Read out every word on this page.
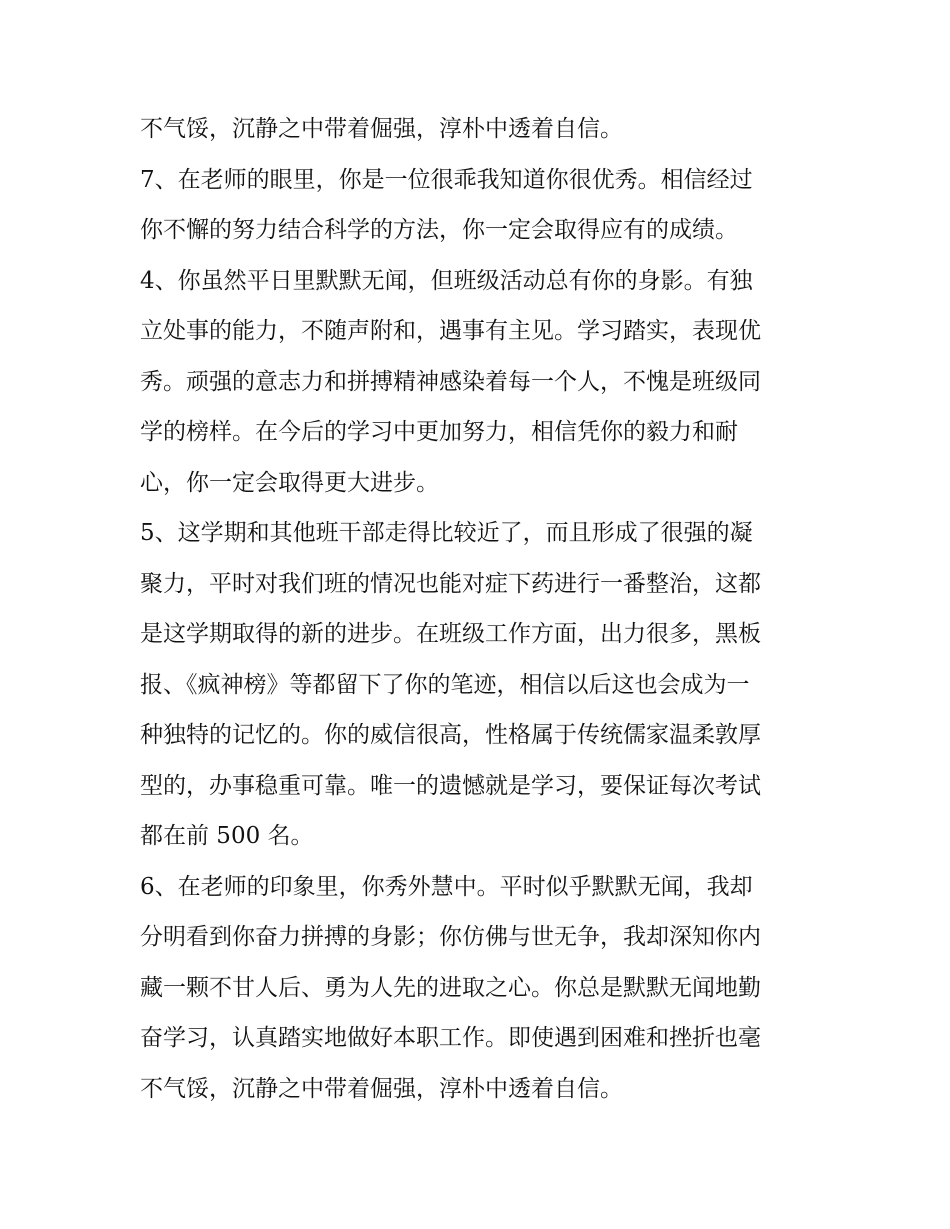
不气馁，沉静之中带着倔强，淳朴中透着自信。
7、在老师的眼里，你是一位很乖我知道你很优秀。相信经过
你不懈的努力结合科学的方法，你一定会取得应有的成绩。
4、你虽然平日里默默无闻，但班级活动总有你的身影。有独
立处事的能力，不随声附和，遇事有主见。学习踏实，表现优
秀。顽强的意志力和拼搏精神感染着每一个人，不愧是班级同
学的榜样。在今后的学习中更加努力，相信凭你的毅力和耐
心，你一定会取得更大进步。
5、这学期和其他班干部走得比较近了，而且形成了很强的凝
聚力，平时对我们班的情况也能对症下药进行一番整治，这都
是这学期取得的新的进步。在班级工作方面，出力很多，黑板
报、《疯神榜》等都留下了你的笔迹，相信以后这也会成为一
种独特的记忆的。你的威信很高，性格属于传统儒家温柔敦厚
型的，办事稳重可靠。唯一的遗憾就是学习，要保证每次考试
都在前 500 名。
6、在老师的印象里，你秀外慧中。平时似乎默默无闻，我却
分明看到你奋力拼搏的身影；你仿佛与世无争，我却深知你内
藏一颗不甘人后、勇为人先的进取之心。你总是默默无闻地勤
奋学习，认真踏实地做好本职工作。即使遇到困难和挫折也毫
不气馁，沉静之中带着倔强，淳朴中透着自信。
